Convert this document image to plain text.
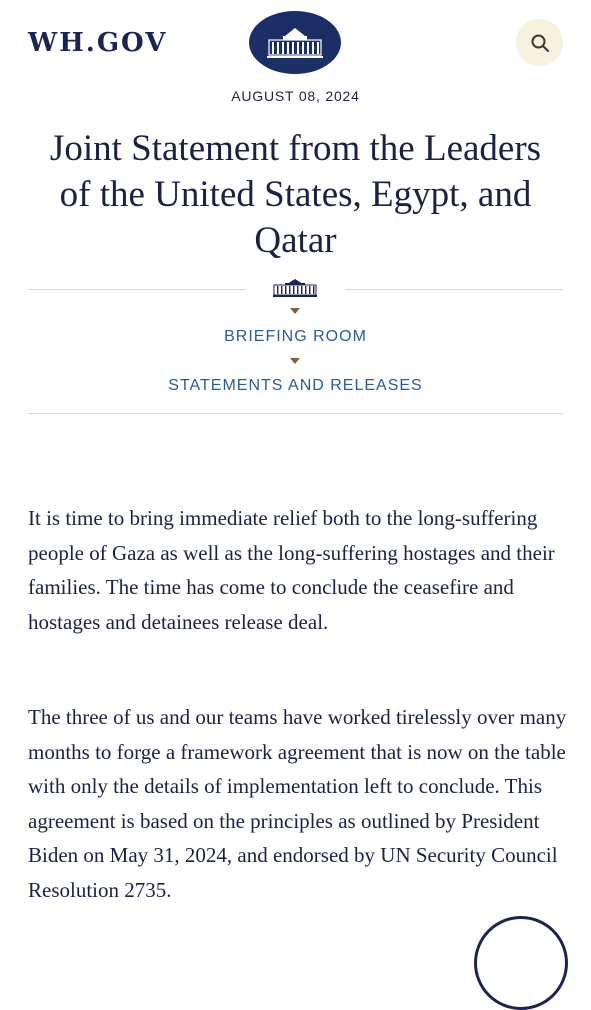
WH.GOV
AUGUST 08, 2024
Joint Statement from the Leaders of the United States, Egypt, and Qatar
BRIEFING ROOM
STATEMENTS AND RELEASES

It is time to bring immediate relief both to the long-suffering people of Gaza as well as the long-suffering hostages and their families. The time has come to conclude the ceasefire and hostages and detainees release deal.

The three of us and our teams have worked tirelessly over many months to forge a framework agreement that is now on the table with only the details of implementation left to conclude. This agreement is based on the principles as outlined by President Biden on May 31, 2024, and endorsed by UN Security Council Resolution 2735.
